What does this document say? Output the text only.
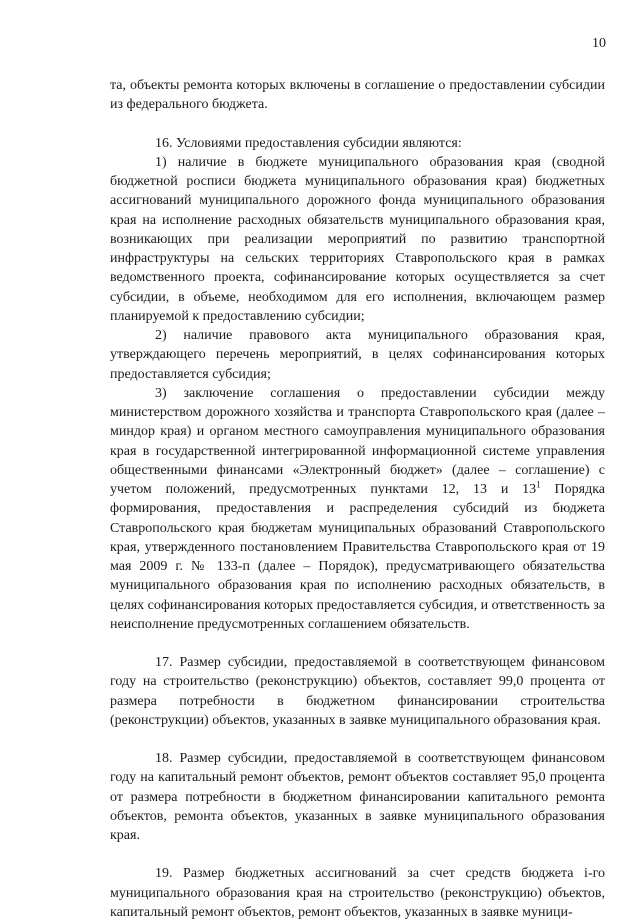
10

та, объекты ремонта которых включены в соглашение о предоставлении субсидии из федерального бюджета.

16. Условиями предоставления субсидии являются:

1) наличие в бюджете муниципального образования края (сводной бюджетной росписи бюджета муниципального образования края) бюджетных ассигнований муниципального дорожного фонда муниципального образования края на исполнение расходных обязательств муниципального образования края, возникающих при реализации мероприятий по развитию транспортной инфраструктуры на сельских территориях Ставропольского края в рамках ведомственного проекта, софинансирование которых осуществляется за счет субсидии, в объеме, необходимом для его исполнения, включающем размер планируемой к предоставлению субсидии;

2) наличие правового акта муниципального образования края, утверждающего перечень мероприятий, в целях софинансирования которых предоставляется субсидия;

3) заключение соглашения о предоставлении субсидии между министерством дорожного хозяйства и транспорта Ставропольского края (далее – миндор края) и органом местного самоуправления муниципального образования края в государственной интегрированной информационной системе управления общественными финансами «Электронный бюджет» (далее – соглашение) с учетом положений, предусмотренных пунктами 12, 13 и $13^1$ Порядка формирования, предоставления и распределения субсидий из бюджета Ставропольского края бюджетам муниципальных образований Ставропольского края, утвержденного постановлением Правительства Ставропольского края от 19 мая 2009 г. № 133-п (далее – Порядок), предусматривающего обязательства муниципального образования края по исполнению расходных обязательств, в целях софинансирования которых предоставляется субсидия, и ответственность за неисполнение предусмотренных соглашением обязательств.

17. Размер субсидии, предоставляемой в соответствующем финансовом году на строительство (реконструкцию) объектов, составляет 99,0 процента от размера потребности в бюджетном финансировании строительства (реконструкции) объектов, указанных в заявке муниципального образования края.

18. Размер субсидии, предоставляемой в соответствующем финансовом году на капитальный ремонт объектов, ремонт объектов составляет 95,0 процента от размера потребности в бюджетном финансировании капитального ремонта объектов, ремонта объектов, указанных в заявке муниципального образования края.

19. Размер бюджетных ассигнований за счет средств бюджета i-го муниципального образования края на строительство (реконструкцию) объектов, капитальный ремонт объектов, ремонт объектов, указанных в заявке муници-
